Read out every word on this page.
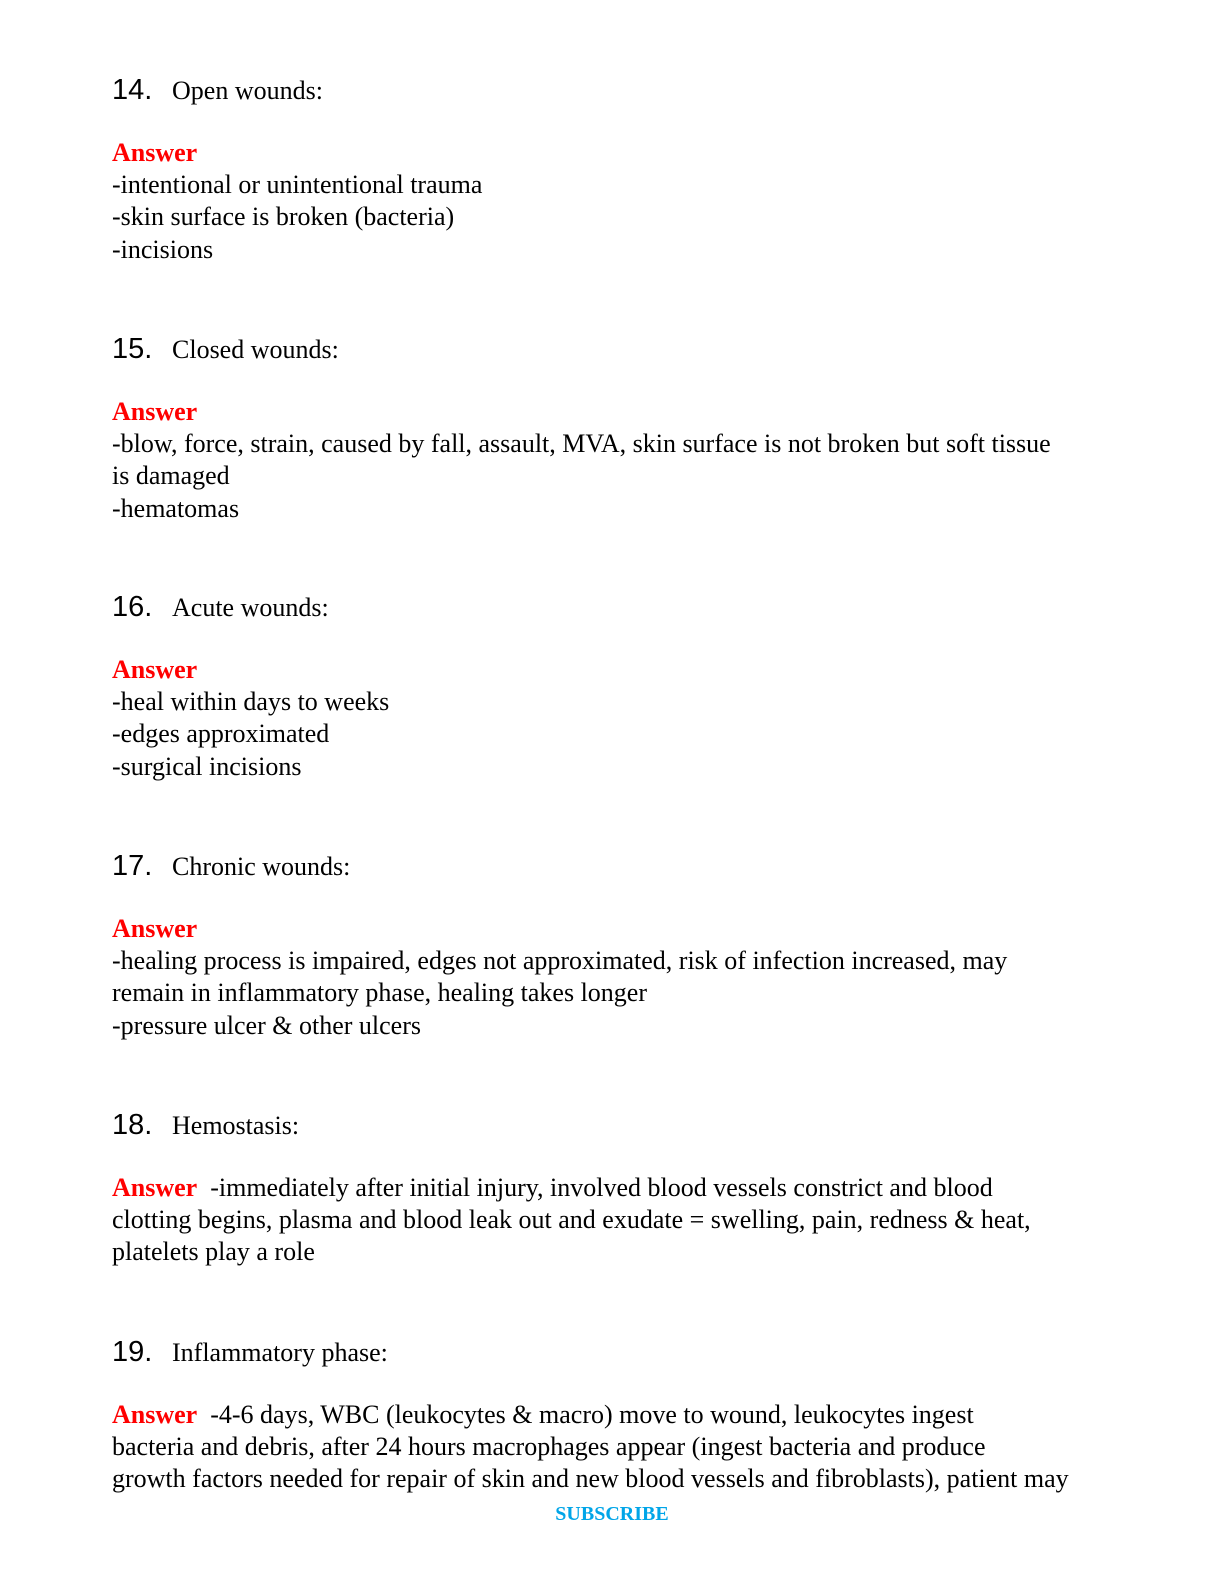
14. Open wounds:
Answer
-intentional or unintentional trauma
-skin surface is broken (bacteria)
-incisions
15. Closed wounds:
Answer
-blow, force, strain, caused by fall, assault, MVA, skin surface is not broken but soft tissue
is damaged
-hematomas
16. Acute wounds:
Answer
-heal within days to weeks
-edges approximated
-surgical incisions
17. Chronic wounds:
Answer
-healing process is impaired, edges not approximated, risk of infection increased, may
remain in inflammatory phase, healing takes longer
-pressure ulcer & other ulcers
18. Hemostasis:
Answer -immediately after initial injury, involved blood vessels constrict and blood
clotting begins, plasma and blood leak out and exudate = swelling, pain, redness & heat,
platelets play a role
19. Inflammatory phase:
Answer -4-6 days, WBC (leukocytes & macro) move to wound, leukocytes ingest
bacteria and debris, after 24 hours macrophages appear (ingest bacteria and produce
growth factors needed for repair of skin and new blood vessels and fibroblasts), patient may
SUBSCRIBE
